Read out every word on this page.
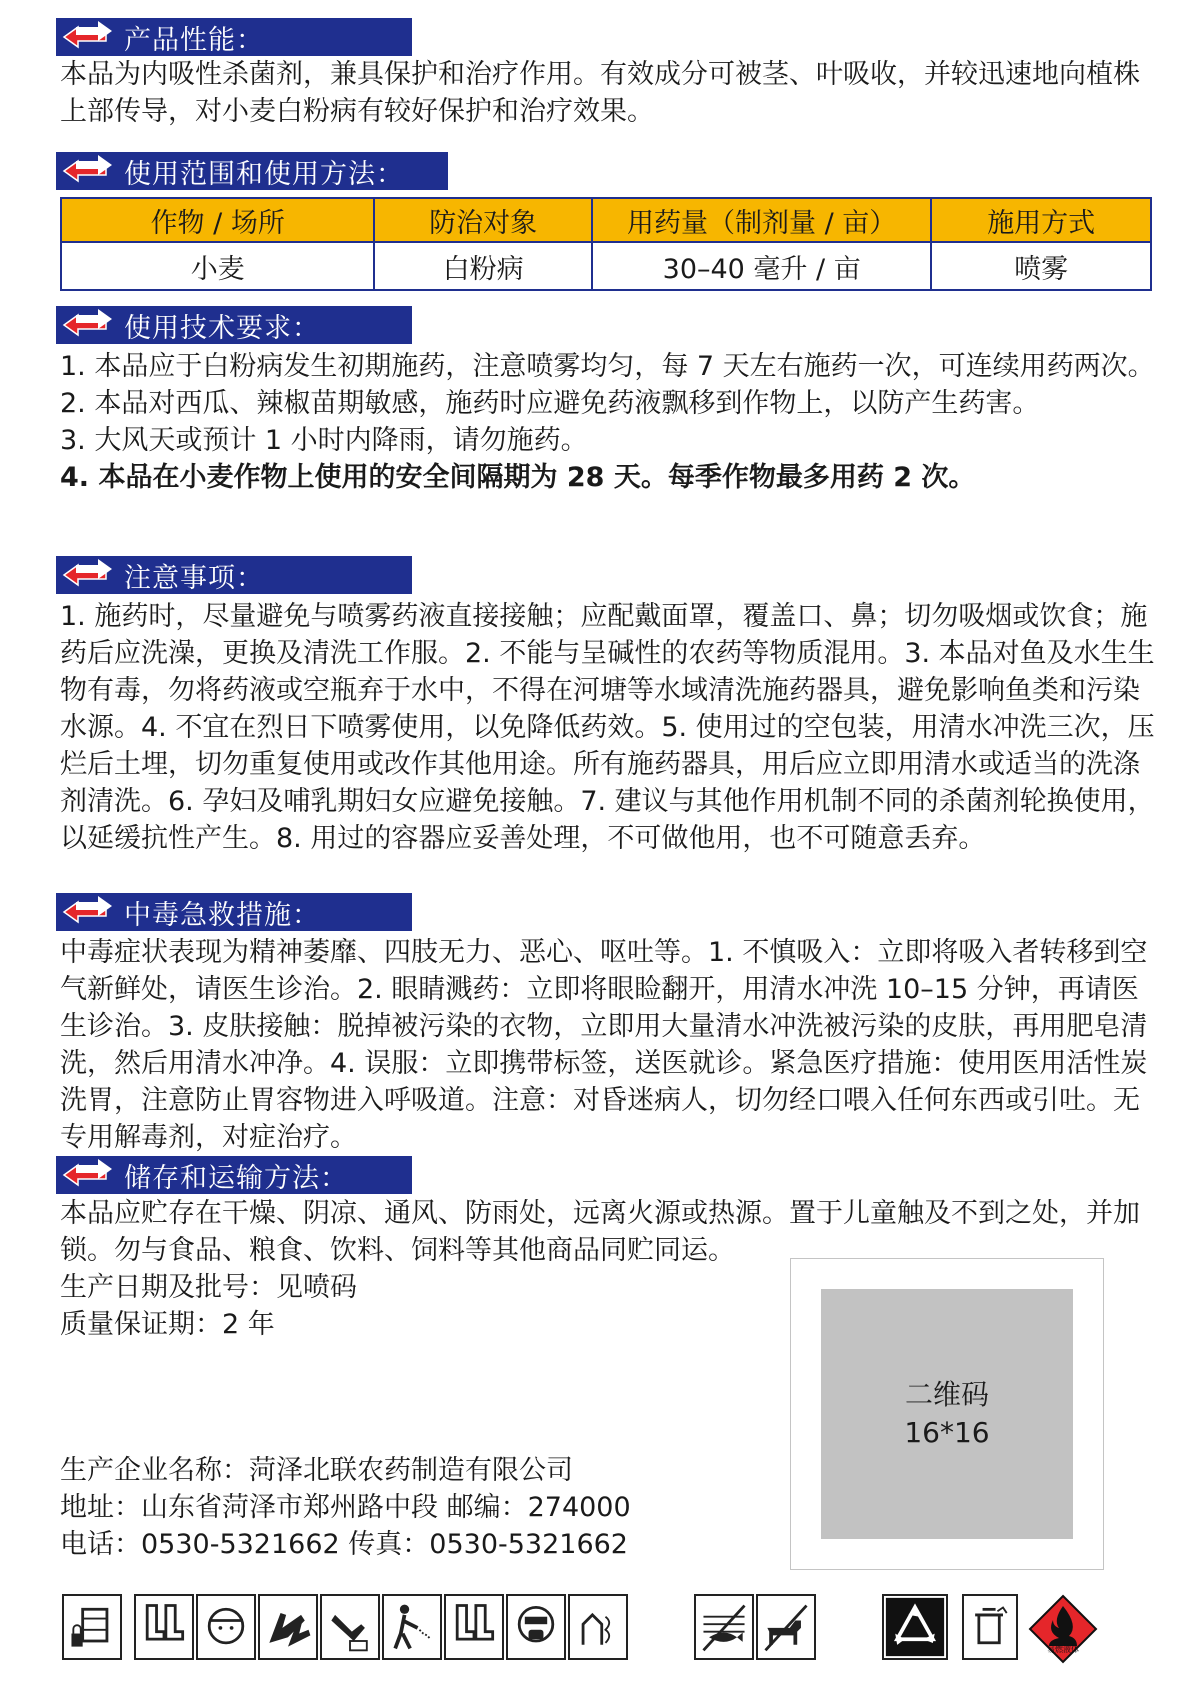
产品性能：
本品为内吸性杀菌剂，兼具保护和治疗作用。有效成分可被茎、叶吸收，并较迅速地向植株上部传导，对小麦白粉病有较好保护和治疗效果。
使用范围和使用方法：
作物 / 场所	防治对象	用药量（制剂量 / 亩）	施用方式
小麦	白粉病	30–40 毫升 / 亩	喷雾
使用技术要求：

1. 本品应于白粉病发生初期施药，注意喷雾均匀，每 7 天左右施药一次，可连续用药两次。

2. 本品对西瓜、辣椒苗期敏感，施药时应避免药液飘移到作物上，以防产生药害。

3. 大风天或预计 1 小时内降雨，请勿施药。

4. 本品在小麦作物上使用的安全间隔期为 28 天。每季作物最多用药 2 次。

注意事项：
1. 施药时，尽量避免与喷雾药液直接接触；应配戴面罩，覆盖口、鼻；切勿吸烟或饮食；施药后应洗澡，更换及清洗工作服。2. 不能与呈碱性的农药等物质混用。3. 本品对鱼及水生生物有毒，勿将药液或空瓶弃于水中，不得在河塘等水域清洗施药器具，避免影响鱼类和污染水源。4. 不宜在烈日下喷雾使用，以免降低药效。5. 使用过的空包装，用清水冲洗三次，压烂后土埋，切勿重复使用或改作其他用途。所有施药器具，用后应立即用清水或适当的洗涤剂清洗。6. 孕妇及哺乳期妇女应避免接触。7. 建议与其他作用机制不同的杀菌剂轮换使用，以延缓抗性产生。8. 用过的容器应妥善处理，不可做他用，也不可随意丢弃。
中毒急救措施：
中毒症状表现为精神萎靡、四肢无力、恶心、呕吐等。1. 不慎吸入：立即将吸入者转移到空气新鲜处，请医生诊治。2. 眼睛溅药：立即将眼睑翻开，用清水冲洗 10–15 分钟，再请医生诊治。3. 皮肤接触：脱掉被污染的衣物，立即用大量清水冲洗被污染的皮肤，再用肥皂清洗，然后用清水冲净。4. 误服：立即携带标签，送医就诊。紧急医疗措施：使用医用活性炭洗胃，注意防止胃容物进入呼吸道。注意：对昏迷病人，切勿经口喂入任何东西或引吐。无专用解毒剂，对症治疗。
储存和运输方法：

本品应贮存在干燥、阴凉、通风、防雨处，远离火源或热源。置于儿童触及不到之处，并加锁。勿与食品、粮食、饮料、饲料等其他商品同贮同运。

生产日期及批号：见喷码

质量保证期：2 年

二维码
16*16

生产企业名称：菏泽北联农药制造有限公司

地址：山东省菏泽市郑州路中段 邮编：274000

电话：0530-5321662 传真：0530-5321662

易燃液体
